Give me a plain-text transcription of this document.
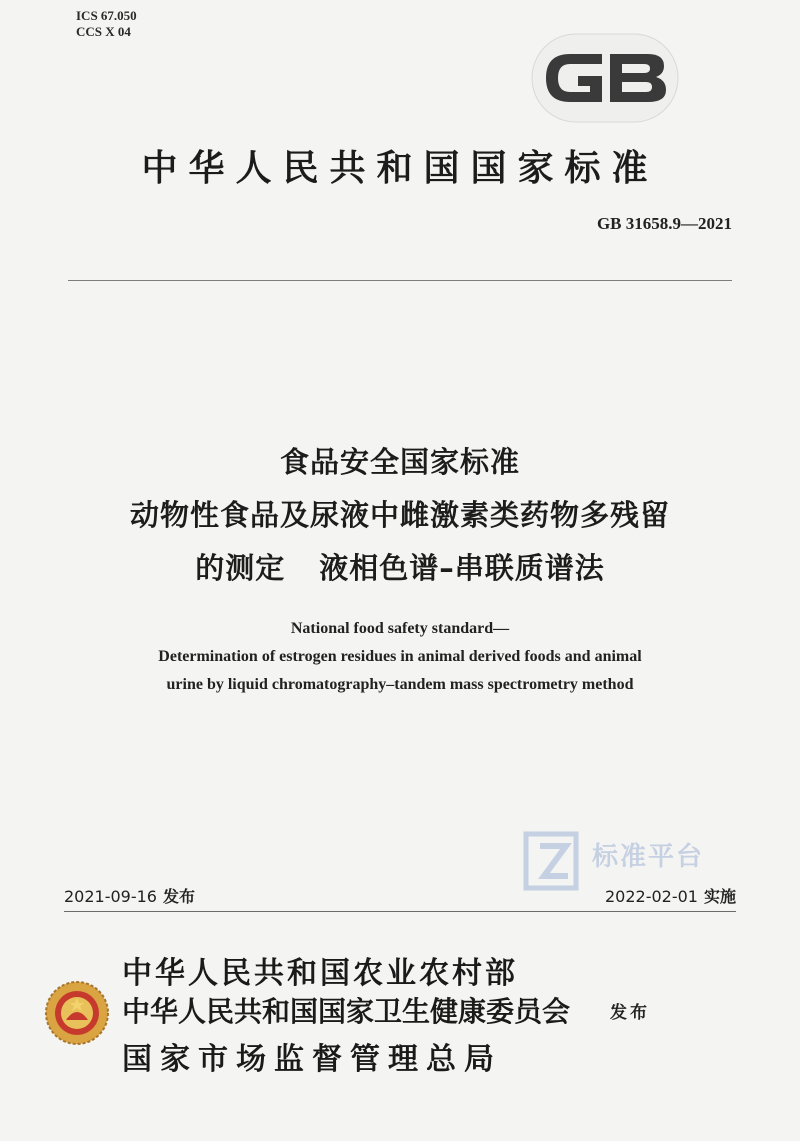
ICS 67.050
CCS X 04
中华人民共和国国家标准
GB 31658.9—2021
食品安全国家标准
动物性食品及尿液中雌激素类药物多残留
的测定 液相色谱–串联质谱法
National food safety standard—
Determination of estrogen residues in animal derived foods and animal
urine by liquid chromatography–tandem mass spectrometry method
标准平台
2021-09-16 发布	2022-02-01 实施
中华人民共和国农业农村部
中华人民共和国国家卫生健康委员会
国家市场监督管理总局
发布
